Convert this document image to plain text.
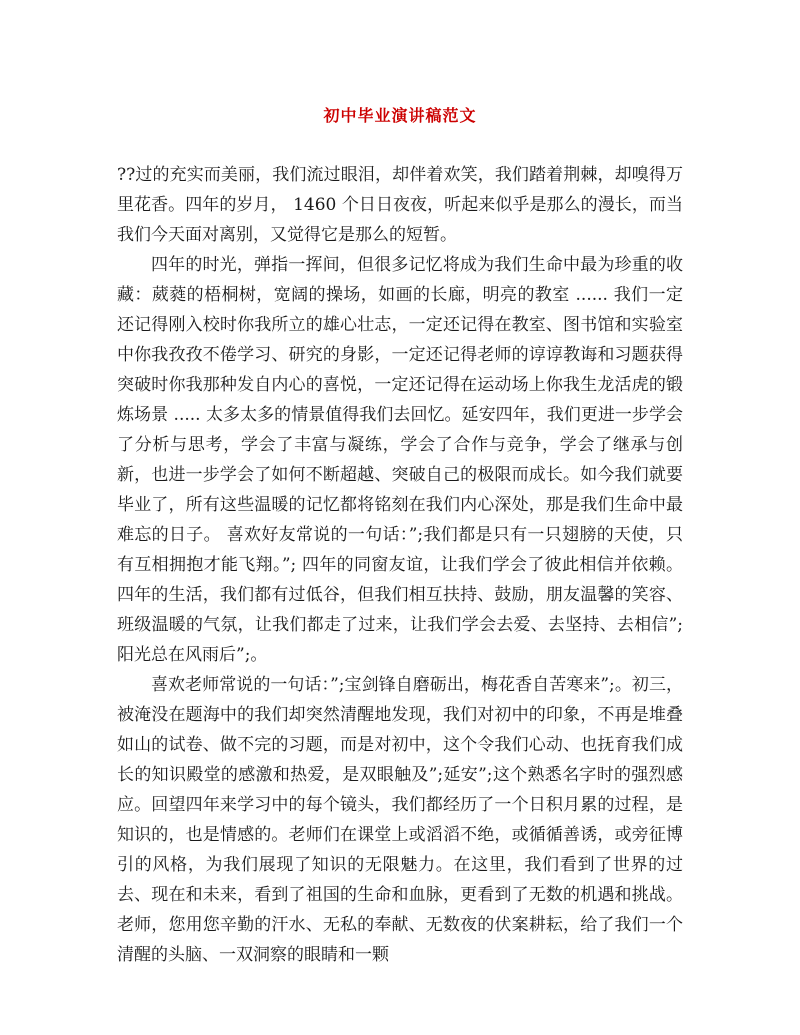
初中毕业演讲稿范文

??过的充实而美丽，我们流过眼泪，却伴着欢笑，我们踏着荆棘，却嗅得万里花香。四年的岁月， 1460 个日日夜夜，听起来似乎是那么的漫长，而当我们今天面对离别，又觉得它是那么的短暂。

四年的时光，弹指一挥间，但很多记忆将成为我们生命中最为珍重的收藏：葳蕤的梧桐树，宽阔的操场，如画的长廊，明亮的教室 ...... 我们一定还记得刚入校时你我所立的雄心壮志，一定还记得在教室、图书馆和实验室中你我孜孜不倦学习、研究的身影，一定还记得老师的谆谆教诲和习题获得突破时你我那种发自内心的喜悦，一定还记得在运动场上你我生龙活虎的锻炼场景 ..... 太多太多的情景值得我们去回忆。延安四年，我们更进一步学会了分析与思考，学会了丰富与凝练，学会了合作与竞争，学会了继承与创新，也进一步学会了如何不断超越、突破自己的极限而成长。如今我们就要毕业了，所有这些温暖的记忆都将铭刻在我们内心深处，那是我们生命中最难忘的日子。 喜欢好友常说的一句话：”;我们都是只有一只翅膀的天使，只有互相拥抱才能飞翔。”; 四年的同窗友谊，让我们学会了彼此相信并依赖。四年的生活，我们都有过低谷，但我们相互扶持、鼓励，朋友温馨的笑容、班级温暖的气氛，让我们都走了过来，让我们学会去爱、去坚持、去相信”;阳光总在风雨后”;。

喜欢老师常说的一句话：”;宝剑锋自磨砺出，梅花香自苦寒来”;。初三，被淹没在题海中的我们却突然清醒地发现，我们对初中的印象，不再是堆叠如山的试卷、做不完的习题，而是对初中，这个令我们心动、也抚育我们成长的知识殿堂的感激和热爱，是双眼触及”;延安”;这个熟悉名字时的强烈感应。回望四年来学习中的每个镜头，我们都经历了一个日积月累的过程，是知识的，也是情感的。老师们在课堂上或滔滔不绝，或循循善诱，或旁征博引的风格，为我们展现了知识的无限魅力。在这里，我们看到了世界的过去、现在和未来，看到了祖国的生命和血脉，更看到了无数的机遇和挑战。老师，您用您辛勤的汗水、无私的奉献、无数夜的伏案耕耘，给了我们一个清醒的头脑、一双洞察的眼睛和一颗
